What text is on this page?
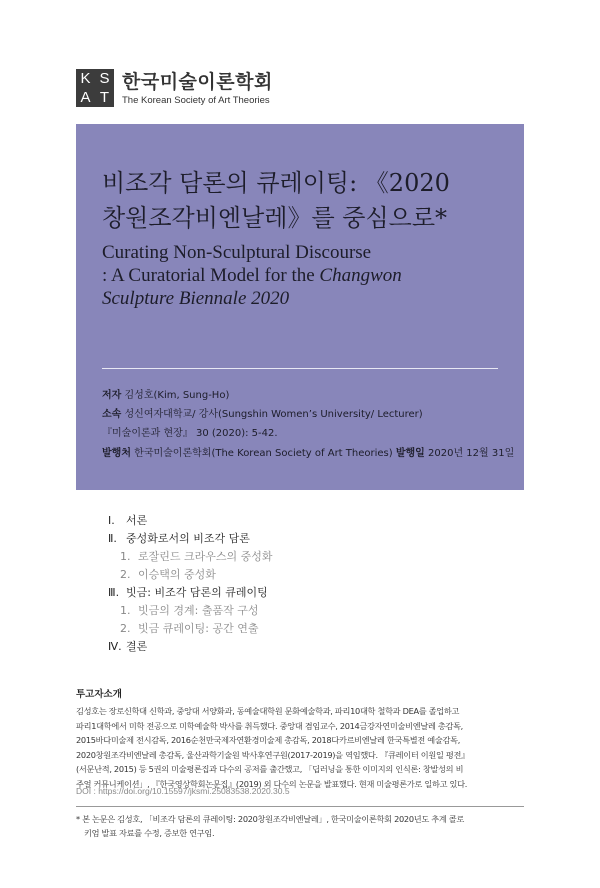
K S
A T
한국미술이론학회
The Korean Society of Art Theories
비조각 담론의 큐레이팅: 《2020
창원조각비엔날레》를 중심으로*
Curating Non-Sculptural Discourse
: A Curatorial Model for the Changwon
Sculpture Biennale 2020
저자 김성호(Kim, Sung-Ho)
소속 성신여자대학교/ 강사(Sungshin Women’s University/ Lecturer)
『미술이론과 현장』 30 (2020): 5-42.
발행처 한국미술이론학회(The Korean Society of Art Theories) 발행일 2020년 12월 31일
Ⅰ.	서론
Ⅱ. 중성화로서의 비조각 담론
1. 로잘린드 크라우스의 중성화
2. 이승택의 중성화
Ⅲ. 빗금: 비조각 담론의 큐레이팅
1. 빗금의 경계: 출품작 구성
2. 빗금 큐레이팅: 공간 연출
Ⅳ. 결론
투고자소개
김성호는 장로신학대 신학과, 중앙대 서양화과, 동예술대학원 문화예술학과, 파리10대학 철학과 DEA를 졸업하고
파리1대학에서 미학 전공으로 미학예술학 박사를 취득했다. 중앙대 겸임교수, 2014금강자연미술비엔날레 총감독,
2015바다미술제 전시감독, 2016순천만국제자연환경미술제 총감독, 2018다카르비엔날레 한국특별전 예술감독,
2020창원조각비엔날레 총감독, 울산과학기술원 박사후연구원(2017-2019)을 역임했다. 『큐레이터 이원일 평전』
(서문난적, 2015) 등 5권의 미술평론집과 다수의 공저를 출간했고, 「딥러닝을 통한 이미지의 인식론: 창발성의 비
주얼 커뮤니케이션」, 『한국영상학회논문집』(2019) 외 다수의 논문을 발표했다. 현재 미술평론가로 일하고 있다.
DOI : https://doi.org/10.15597/jksmi.25083538.2020.30.5
* 본 논문은 김성호, 「비조각 담론의 큐레이팅: 2020창원조각비엔날레」, 한국미술이론학회 2020년도 추계 콜로
키엄 발표 자료를 수정, 증보한 연구임.
